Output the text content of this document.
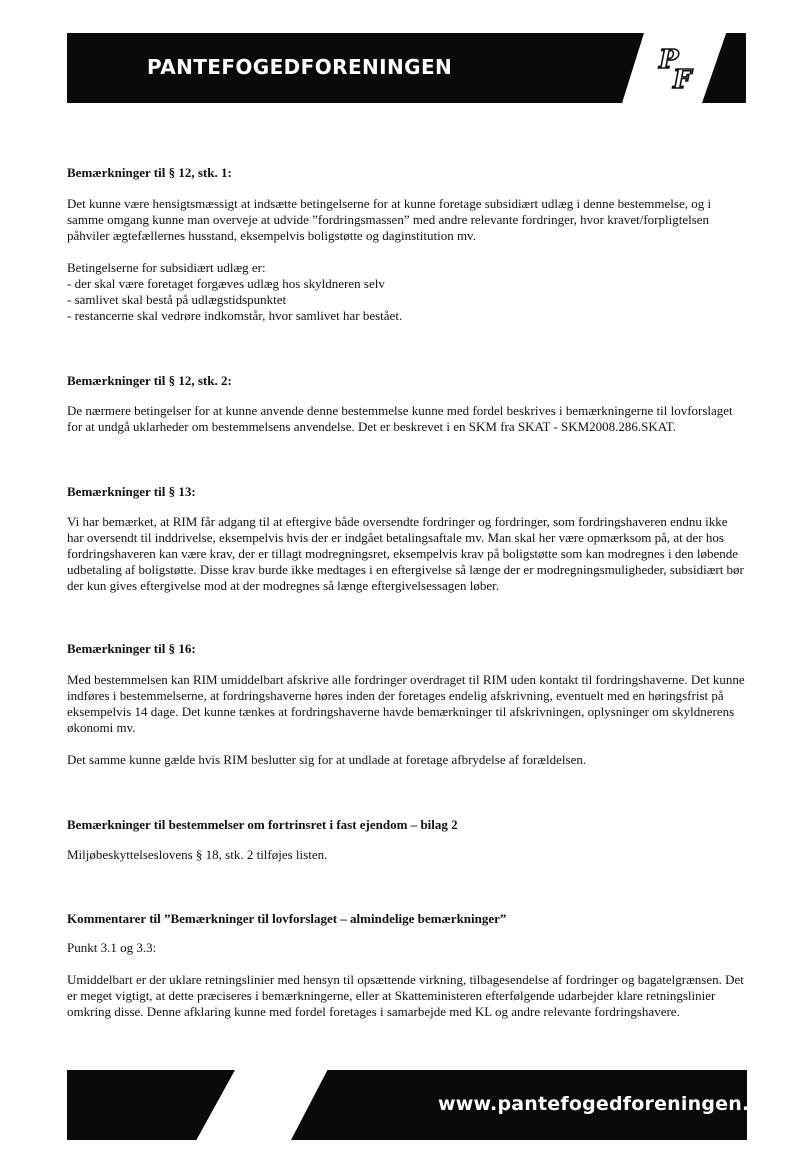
PANTEFOGEDFORENINGEN	P
F
Bemærkninger til § 12, stk. 1:
Det kunne være hensigtsmæssigt at indsætte betingelserne for at kunne foretage subsidiært udlæg i denne bestemmelse, og i samme omgang kunne man overveje at udvide ”fordringsmassen” med andre relevante fordringer, hvor kravet/forpligtelsen påhviler ægtefællernes husstand, eksempelvis boligstøtte og daginstitution mv.
Betingelserne for subsidiært udlæg er:
- der skal være foretaget forgæves udlæg hos skyldneren selv
- samlivet skal bestå på udlægstidspunktet
- restancerne skal vedrøre indkomstår, hvor samlivet har bestået.
Bemærkninger til § 12, stk. 2:
De nærmere betingelser for at kunne anvende denne bestemmelse kunne med fordel beskrives i bemærkningerne til lovforslaget for at undgå uklarheder om bestemmelsens anvendelse. Det er beskrevet i en SKM fra SKAT - SKM2008.286.SKAT.
Bemærkninger til § 13:
Vi har bemærket, at RIM får adgang til at eftergive både oversendte fordringer og fordringer, som fordringshaveren endnu ikke har oversendt til inddrivelse, eksempelvis hvis der er indgået betalingsaftale mv. Man skal her være opmærksom på, at der hos fordringshaveren kan være krav, der er tillagt modregningsret, eksempelvis krav på boligstøtte som kan modregnes i den løbende udbetaling af boligstøtte. Disse krav burde ikke medtages i en eftergivelse så længe der er modregningsmuligheder, subsidiært bør der kun gives eftergivelse mod at der modregnes så længe eftergivelsessagen løber.
Bemærkninger til § 16:
Med bestemmelsen kan RIM umiddelbart afskrive alle fordringer overdraget til RIM uden kontakt til fordringshaverne. Det kunne indføres i bestemmelserne, at fordringshaverne høres inden der foretages endelig afskrivning, eventuelt med en høringsfrist på eksempelvis 14 dage. Det kunne tænkes at fordringshaverne havde bemærkninger til afskrivningen, oplysninger om skyldnerens økonomi mv.
Det samme kunne gælde hvis RIM beslutter sig for at undlade at foretage afbrydelse af forældelsen.
Bemærkninger til bestemmelser om fortrinsret i fast ejendom – bilag 2
Miljøbeskyttelseslovens § 18, stk. 2 tilføjes listen.
Kommentarer til ”Bemærkninger til lovforslaget – almindelige bemærkninger”
Punkt 3.1 og 3.3:
Umiddelbart er der uklare retningslinier med hensyn til opsættende virkning, tilbagesendelse af fordringer og bagatelgrænsen. Det er meget vigtigt, at dette præciseres i bemærkningerne, eller at Skatteministeren efterfølgende udarbejder klare retningslinier omkring disse. Denne afklaring kunne med fordel foretages i samarbejde med KL og andre relevante fordringshavere.
www.pantefogedforeningen.dk
